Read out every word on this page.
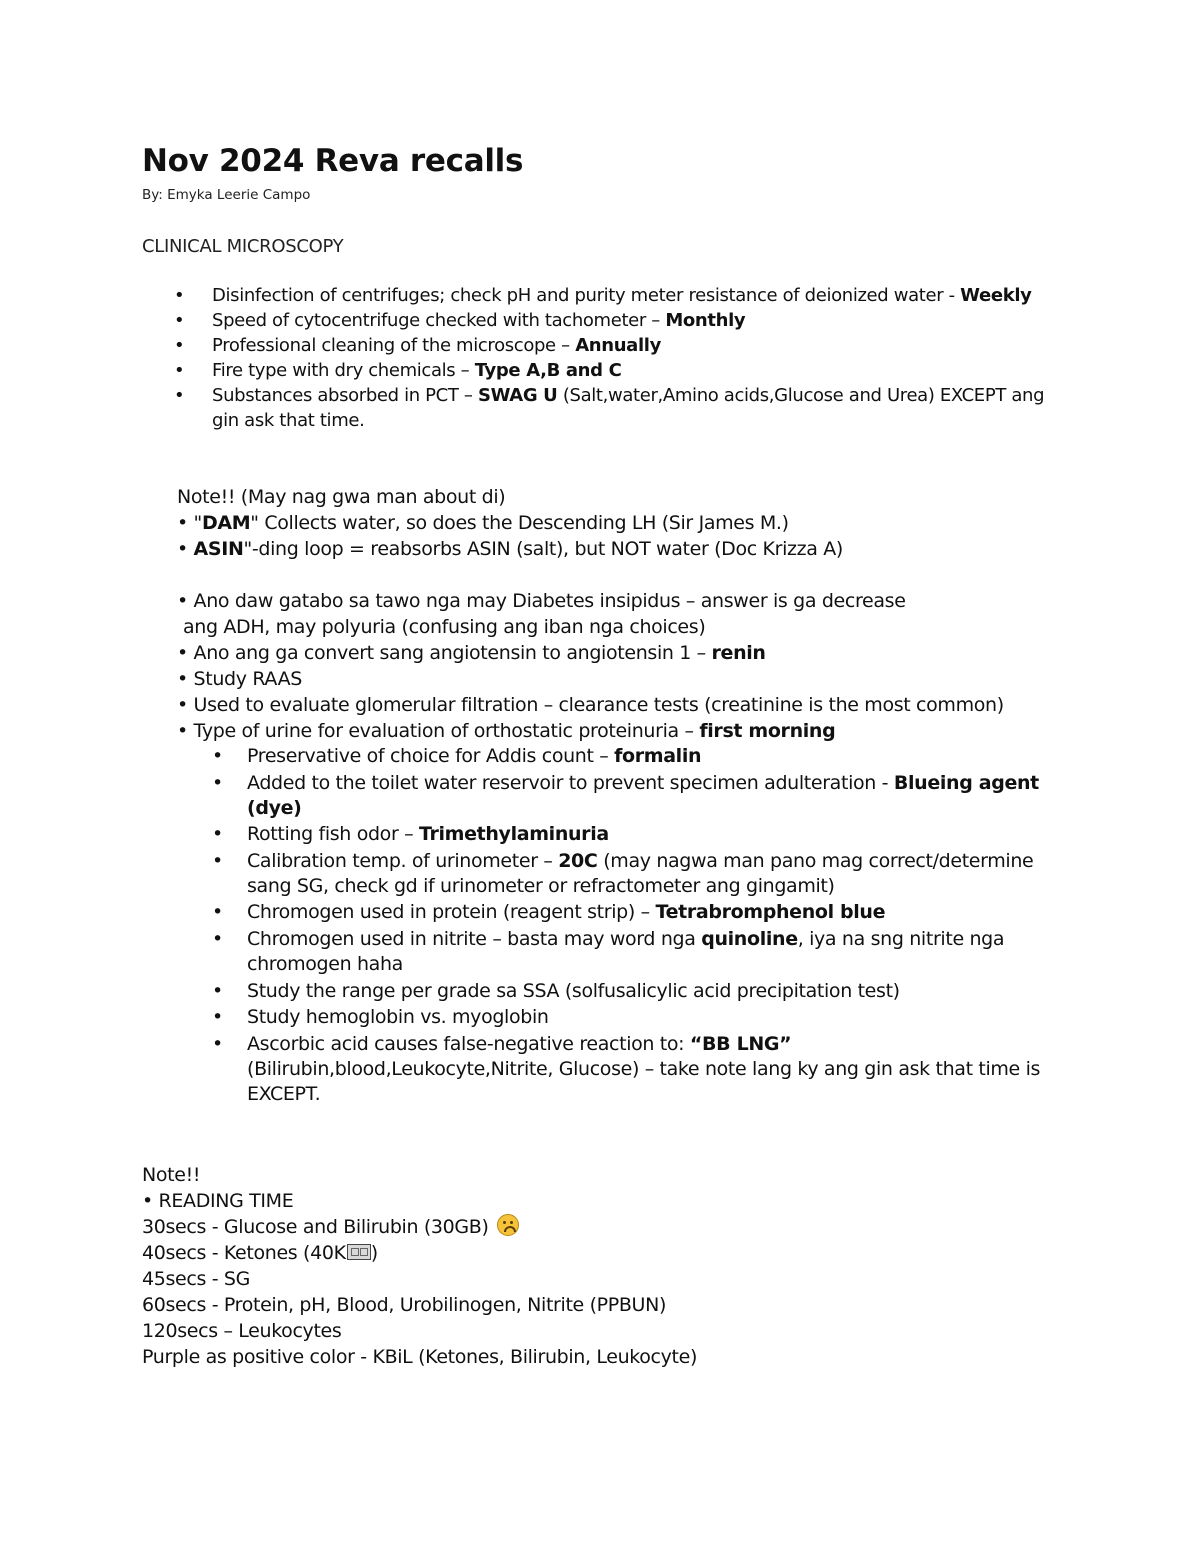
Nov 2024 Reva recalls
By: Emyka Leerie Campo
CLINICAL MICROSCOPY
• Disinfection of centrifuges; check pH and purity meter resistance of deionized water - Weekly
• Speed of cytocentrifuge checked with tachometer – Monthly
• Professional cleaning of the microscope – Annually
• Fire type with dry chemicals – Type A,B and C
• Substances absorbed in PCT – SWAG U (Salt,water,Amino acids,Glucose and Urea) EXCEPT ang gin ask that time.

Note!! (May nag gwa man about di)

• "DAM" Collects water, so does the Descending LH (Sir James M.)

• ASIN"-ding loop = reabsorbs ASIN (salt), but NOT water (Doc Krizza A)

• Ano daw gatabo sa tawo nga may Diabetes insipidus – answer is ga decrease

ang ADH, may polyuria (confusing ang iban nga choices)

• Ano ang ga convert sang angiotensin to angiotensin 1 – renin

• Study RAAS

• Used to evaluate glomerular filtration – clearance tests (creatinine is the most common)

• Type of urine for evaluation of orthostatic proteinuria – first morning

• Preservative of choice for Addis count – formalin
• Added to the toilet water reservoir to prevent specimen adulteration - Blueing agent (dye)
• Rotting fish odor – Trimethylaminuria
• Calibration temp. of urinometer – 20C (may nagwa man pano mag correct/determine sang SG, check gd if urinometer or refractometer ang gingamit)
• Chromogen used in protein (reagent strip) – Tetrabromphenol blue
• Chromogen used in nitrite – basta may word nga quinoline, iya na sng nitrite nga chromogen haha
• Study the range per grade sa SSA (solfusalicylic acid precipitation test)
• Study hemoglobin vs. myoglobin
• Ascorbic acid causes false-negative reaction to: “BB LNG” (Bilirubin,blood,Leukocyte,Nitrite, Glucose) – take note lang ky ang gin ask that time is EXCEPT.

Note!!

• READING TIME

30secs - Glucose and Bilirubin (30GB)

40secs - Ketones (40K )

45secs - SG

60secs - Protein, pH, Blood, Urobilinogen, Nitrite (PPBUN)

120secs – Leukocytes

Purple as positive color - KBiL (Ketones, Bilirubin, Leukocyte)
